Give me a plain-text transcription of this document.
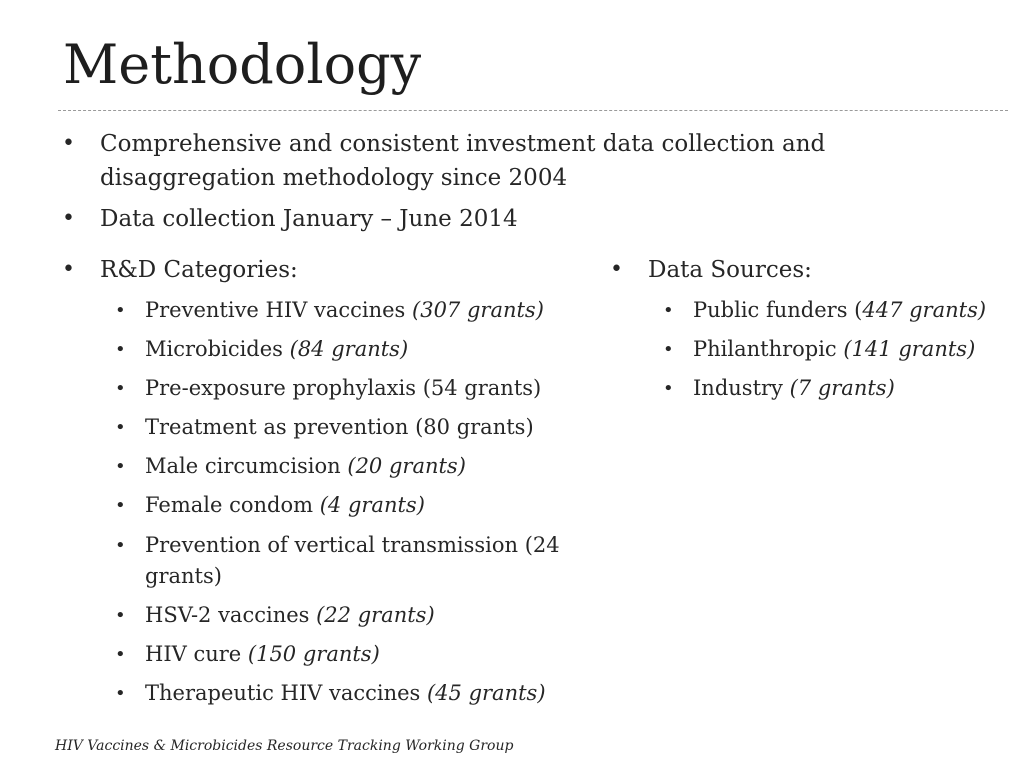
Methodology
• Comprehensive and consistent investment data collection and disaggregation methodology since 2004
• Data collection January – June 2014
• R&D Categories:
• Preventive HIV vaccines (307 grants)
• Microbicides (84 grants)
• Pre-exposure prophylaxis (54 grants)
• Treatment as prevention (80 grants)
• Male circumcision (20 grants)
• Female condom (4 grants)
• Prevention of vertical transmission (24 grants)
• HSV-2 vaccines (22 grants)
• HIV cure (150 grants)
• Therapeutic HIV vaccines (45 grants)
• Data Sources:
• Public funders (447 grants)
• Philanthropic (141 grants)
• Industry (7 grants)
HIV Vaccines & Microbicides Resource Tracking Working Group
